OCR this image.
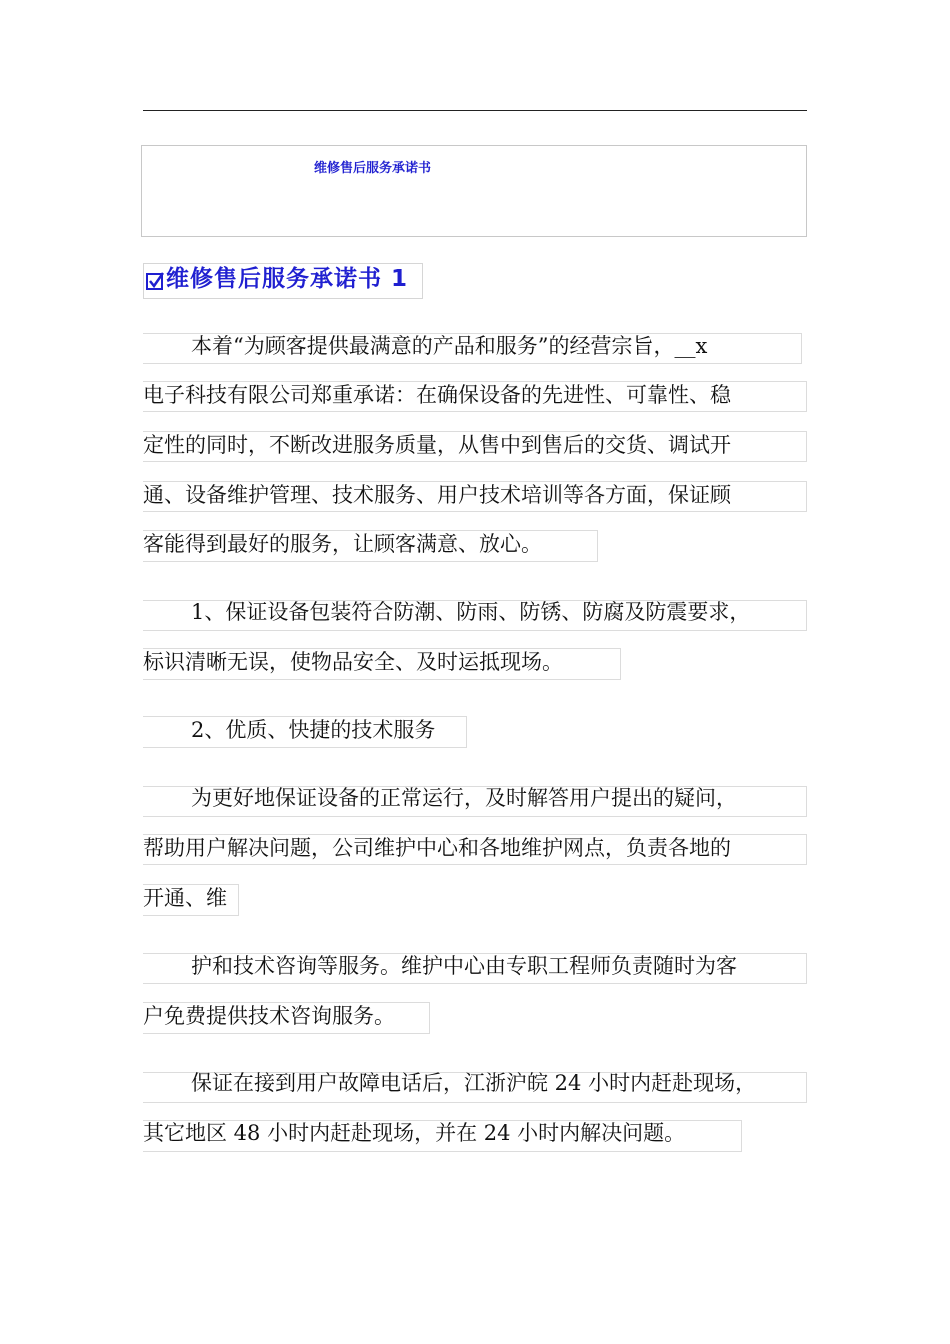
维修售后服务承诺书
维修售后服务承诺书 1
本着“为顾客提供最满意的产品和服务”的经营宗旨，__x
电子科技有限公司郑重承诺：在确保设备的先进性、可靠性、稳
定性的同时，不断改进服务质量，从售中到售后的交货、调试开
通、设备维护管理、技术服务、用户技术培训等各方面，保证顾
客能得到最好的服务，让顾客满意、放心。
1、保证设备包装符合防潮、防雨、防锈、防腐及防震要求，
标识清晰无误，使物品安全、及时运抵现场。
2、优质、快捷的技术服务
为更好地保证设备的正常运行，及时解答用户提出的疑问，
帮助用户解决问题，公司维护中心和各地维护网点，负责各地的
开通、维
护和技术咨询等服务。维护中心由专职工程师负责随时为客
户免费提供技术咨询服务。
保证在接到用户故障电话后，江浙沪皖 24 小时内赶赴现场，
其它地区 48 小时内赶赴现场，并在 24 小时内解决问题。
